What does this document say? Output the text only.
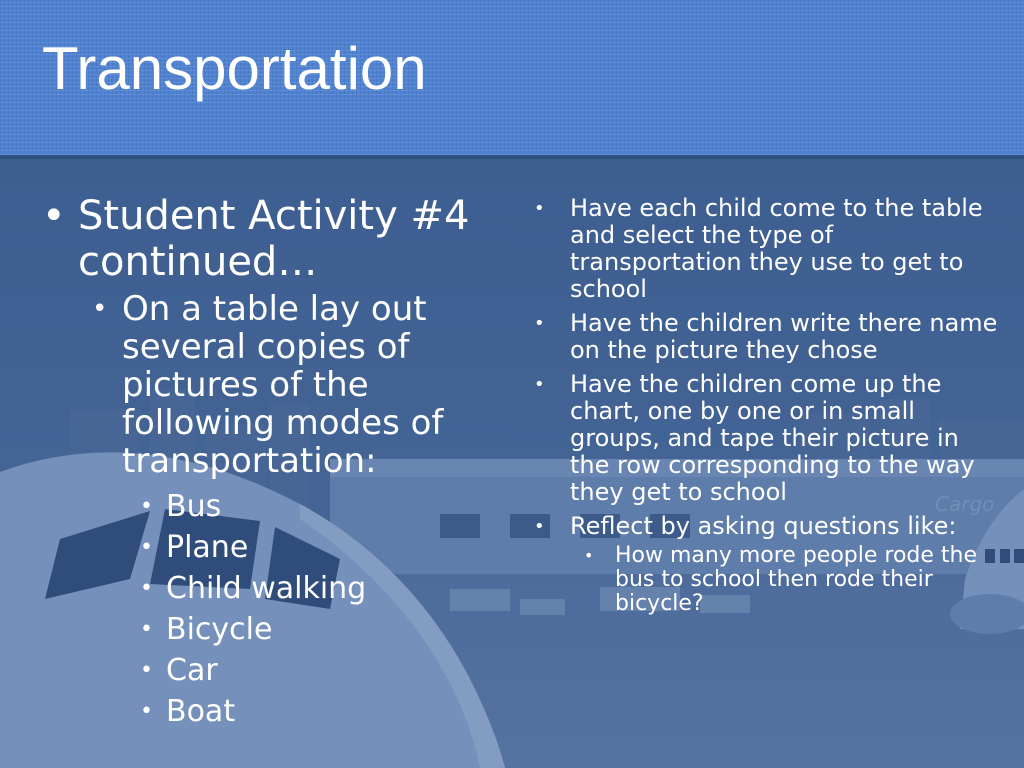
Cargo
Transportation
• Student Activity #4 continued…
• On a table lay out several copies of pictures of the following modes of transportation:
• Bus
• Plane
• Child walking
• Bicycle
• Car
• Boat
• Have each child come to the table and select the type of transportation they use to get to school
• Have the children write there name on the picture they chose
• Have the children come up the chart, one by one or in small groups, and tape their picture in the row corresponding to the way they get to school
• Reflect by asking questions like:
• How many more people rode the bus to school then rode their bicycle?
